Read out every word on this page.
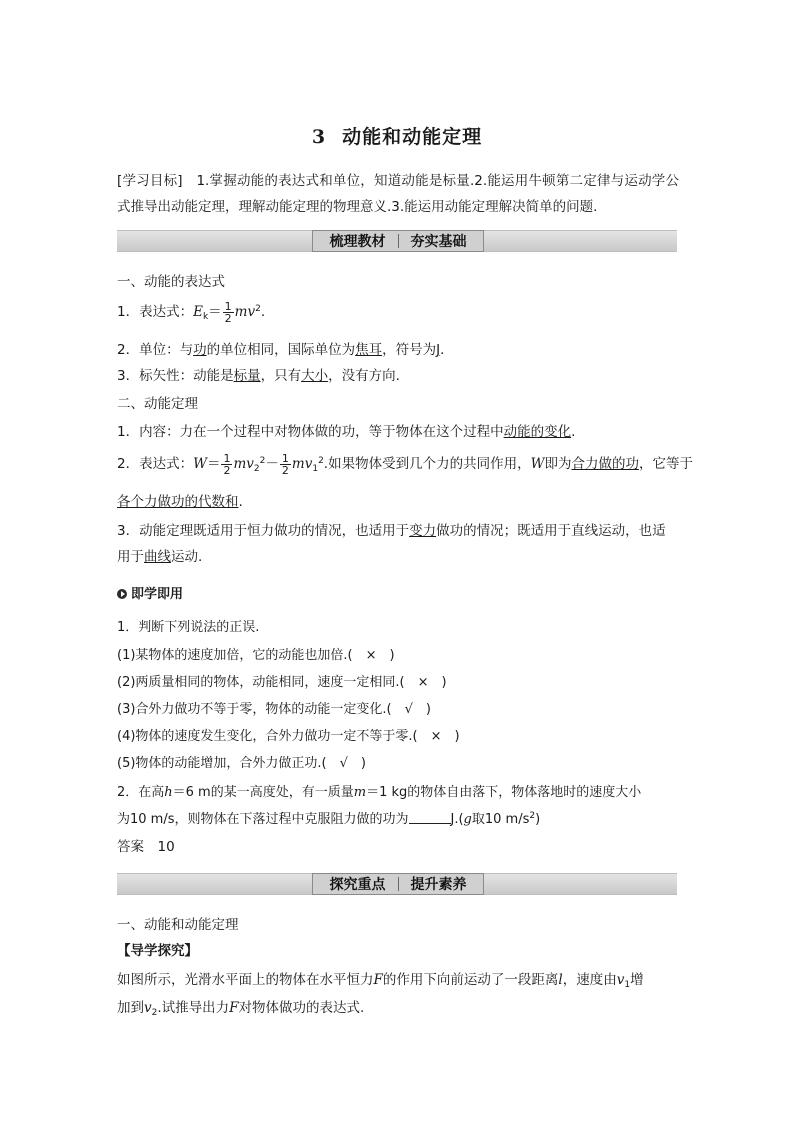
3 动能和动能定理
[学习目标]　1.掌握动能的表达式和单位，知道动能是标量.2.能运用牛顿第二定律与运动学公式推导出动能定理，理解动能定理的物理意义.3.能运用动能定理解决简单的问题.
梳理教材 夯实基础
一、动能的表达式
1．表达式：$E_k= \frac{1}{2} mv^2$.
2．单位：与功的单位相同，国际单位为焦耳，符号为J.
3．标矢性：动能是标量，只有大小，没有方向.
二、动能定理
1．内容：力在一个过程中对物体做的功，等于物体在这个过程中动能的变化.
2．表达式：$W= \frac{1}{2} mv_2^2- \frac{1}{2} mv_1^2$.如果物体受到几个力的共同作用，W即为合力做的功，它等于
各个力做功的代数和.
3．动能定理既适用于恒力做功的情况，也适用于变力做功的情况；既适用于直线运动，也适用于曲线运动.
即学即用
1．判断下列说法的正误.
(1)某物体的速度加倍，它的动能也加倍.(　×　)
(2)两质量相同的物体，动能相同，速度一定相同.(　×　)
(3)合外力做功不等于零，物体的动能一定变化.(　√　)
(4)物体的速度发生变化，合外力做功一定不等于零.(　×　)
(5)物体的动能增加，合外力做正功.(　√　)
2．在高h＝6 m的某一高度处，有一质量m＝1 kg的物体自由落下，物体落地时的速度大小
为10 m/s，则物体在下落过程中克服阻力做的功为	J.(g取10 $m/s^2$)
答案　10
探究重点 提升素养
一、动能和动能定理
【导学探究】
如图所示，光滑水平面上的物体在水平恒力F的作用下向前运动了一段距离l，速度由$v_1$增
加到$v_2$.试推导出力F对物体做功的表达式.
